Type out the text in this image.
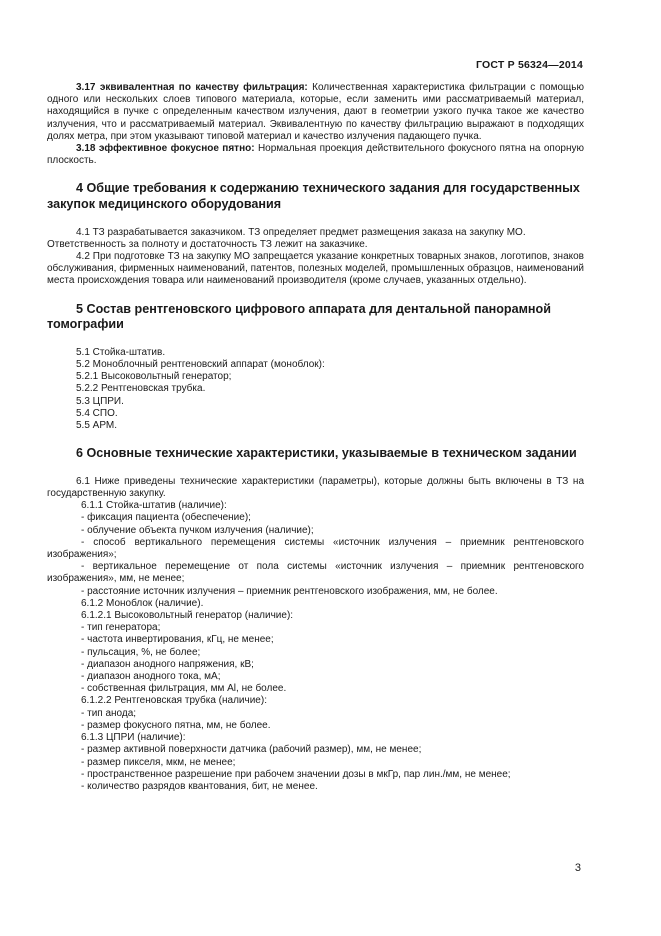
ГОСТ Р 56324—2014

3.17 эквивалентная по качеству фильтрация: Количественная характеристика фильтрации с помощью одного или нескольких слоев типового материала, которые, если заменить ими рассматриваемый материал, находящийся в пучке с определенным качеством излучения, дают в геометрии узкого пучка такое же качество излучения, что и рассматриваемый материал. Эквивалентную по качеству фильтрацию выражают в подходящих долях метра, при этом указывают типовой материал и качество излучения падающего пучка.

3.18 эффективное фокусное пятно: Нормальная проекция действительного фокусного пятна на опорную плоскость.

4 Общие требования к содержанию технического задания для государственных закупок медицинского оборудования

4.1 ТЗ разрабатывается заказчиком. ТЗ определяет предмет размещения заказа на закупку МО.

Ответственность за полноту и достаточность ТЗ лежит на заказчике.

4.2 При подготовке ТЗ на закупку МО запрещается указание конкретных товарных знаков, логотипов, знаков обслуживания, фирменных наименований, патентов, полезных моделей, промышленных образцов, наименований места происхождения товара или наименований производителя (кроме случаев, указанных отдельно).

5 Состав рентгеновского цифрового аппарата для дентальной панорамной томографии

5.1 Стойка-штатив.

5.2 Моноблочный рентгеновский аппарат (моноблок):

5.2.1 Высоковольтный генератор;

5.2.2 Рентгеновская трубка.

5.3 ЦПРИ.

5.4 СПО.

5.5 АРМ.

6 Основные технические характеристики, указываемые в техническом задании

6.1 Ниже приведены технические характеристики (параметры), которые должны быть включены в ТЗ на государственную закупку.

6.1.1 Стойка-штатив (наличие):

- фиксация пациента (обеспечение);

- облучение объекта пучком излучения (наличие);

- способ вертикального перемещения системы «источник излучения – приемник рентгеновского изображения»;

- вертикальное перемещение от пола системы «источник излучения – приемник рентгеновского изображения», мм, не менее;

- расстояние источник излучения – приемник рентгеновского изображения, мм, не более.

6.1.2 Моноблок (наличие).

6.1.2.1 Высоковольтный генератор (наличие):

- тип генератора;

- частота инвертирования, кГц, не менее;

- пульсация, %, не более;

- диапазон анодного напряжения, кВ;

- диапазон анодного тока, мА;

- собственная фильтрация, мм Al, не более.

6.1.2.2 Рентгеновская трубка (наличие):

- тип анода;

- размер фокусного пятна, мм, не более.

6.1.3 ЦПРИ (наличие):

- размер активной поверхности датчика (рабочий размер), мм, не менее;

- размер пикселя, мкм, не менее;

- пространственное разрешение при рабочем значении дозы в мкГр, пар лин./мм, не менее;

- количество разрядов квантования, бит, не менее.

3
